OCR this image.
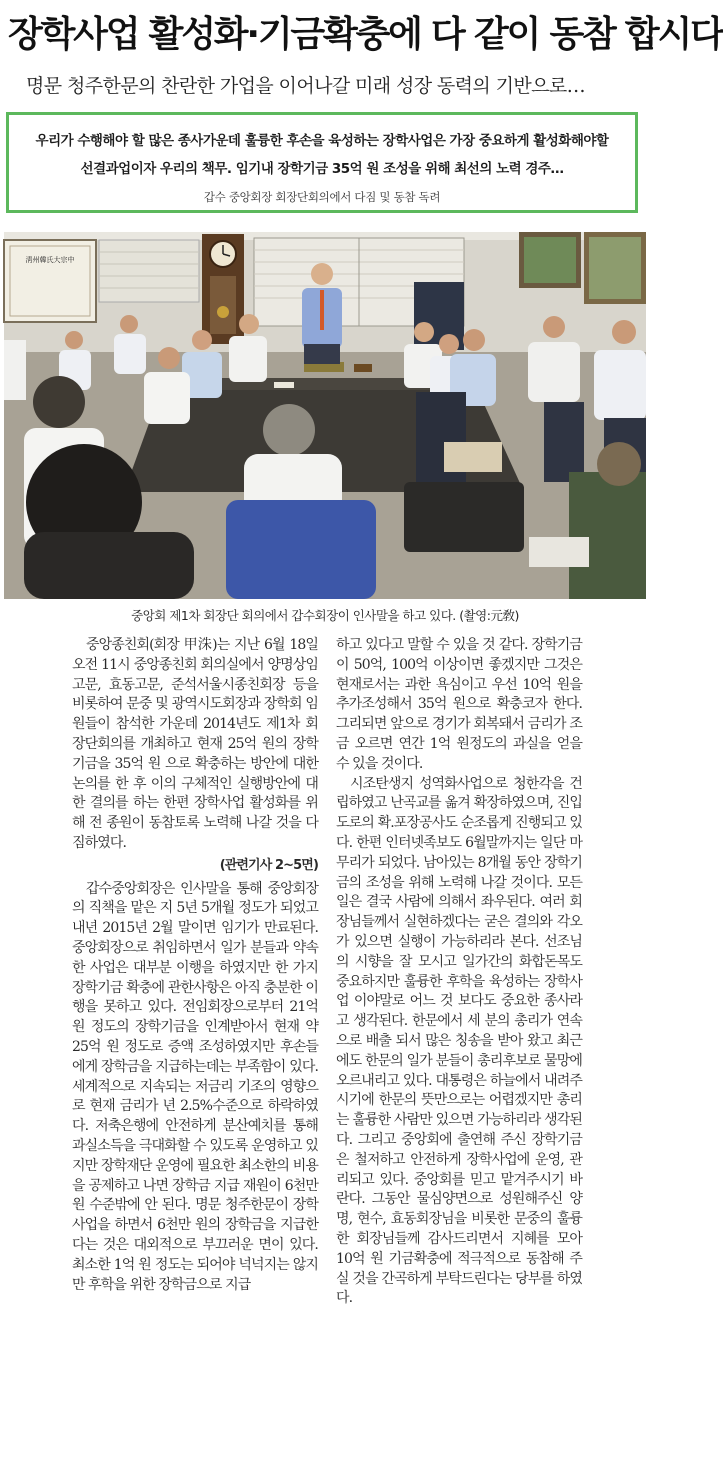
장학사업 활성화·기금확충에 다 같이 동참 합시다
명문 청주한문의 찬란한 가업을 이어나갈 미래 성장 동력의 기반으로…
우리가 수행해야 할 많은 종사가운데 훌륭한 후손을 육성하는 장학사업은 가장 중요하게 활성화해야할
선결과업이자 우리의 책무. 임기내 장학기금 35억 원 조성을 위해 최선의 노력 경주…
갑수 중앙회장 회장단회의에서 다짐 및 동참 독려
淸州韓氏大宗中
중앙회 제1차 회장단 회의에서 갑수회장이 인사말을 하고 있다. (촬영:元敎)

중앙종친회(회장 甲洙)는 지난 6월 18일 오전 11시 중앙종친회 회의실에서 양명상임고문, 효동고문, 준석서울시종친회장 등을 비롯하여 문중 및 광역시도회장과 장학회 임원들이 참석한 가운데 2014년도 제1차 회장단회의를 개최하고 현재 25억 원의 장학기금을 35억 원 으로 확충하는 방안에 대한 논의를 한 후 이의 구체적인 실행방안에 대한 결의를 하는 한편 장학사업 활성화를 위해 전 종원이 동참토록 노력해 나갈 것을 다짐하였다.

(관련기사 2~5면)

갑수중앙회장은 인사말을 통해 중앙회장의 직책을 맡은 지 5년 5개월 정도가 되었고 내년 2015년 2월 말이면 임기가 만료된다. 중앙회장으로 취임하면서 일가 분들과 약속한 사업은 대부분 이행을 하였지만 한 가지 장학기금 확충에 관한사항은 아직 충분한 이행을 못하고 있다. 전임회장으로부터 21억 원 정도의 장학기금을 인계받아서 현재 약 25억 원 정도로 증액 조성하였지만 후손들에게 장학금을 지급하는데는 부족함이 있다. 세계적으로 지속되는 저금리 기조의 영향으로 현재 금리가 년 2.5%수준으로 하락하였다. 저축은행에 안전하게 분산예치를 통해 과실소득을 극대화할 수 있도록 운영하고 있지만 장학재단 운영에 필요한 최소한의 비용을 공제하고 나면 장학금 지급 재원이 6천만 원 수준밖에 안 된다. 명문 청주한문이 장학사업을 하면서 6천만 원의 장학금을 지급한다는 것은 대외적으로 부끄러운 면이 있다. 최소한 1억 원 정도는 되어야 넉넉지는 않지만 후학을 위한 장학금으로 지급

하고 있다고 말할 수 있을 것 같다. 장학기금이 50억, 100억 이상이면 좋겠지만 그것은 현재로서는 과한 욕심이고 우선 10억 원을 추가조성해서 35억 원으로 확충코자 한다. 그리되면 앞으로 경기가 회복돼서 금리가 조금 오르면 연간 1억 원정도의 과실을 얻을 수 있을 것이다.

시조탄생지 성역화사업으로 청한각을 건립하였고 난곡교를 옮겨 확장하였으며, 진입도로의 확.포장공사도 순조롭게 진행되고 있다. 한편 인터넷족보도 6월말까지는 일단 마무리가 되었다. 남아있는 8개월 동안 장학기금의 조성을 위해 노력해 나갈 것이다. 모든 일은 결국 사람에 의해서 좌우된다. 여러 회장님들께서 실현하겠다는 굳은 결의와 각오가 있으면 실행이 가능하리라 본다. 선조님의 시향을 잘 모시고 일가간의 화합돈목도 중요하지만 훌륭한 후학을 육성하는 장학사업 이야말로 어느 것 보다도 중요한 종사라고 생각된다. 한문에서 세 분의 총리가 연속으로 배출 되서 많은 칭송을 받아 왔고 최근에도 한문의 일가 분들이 총리후보로 물망에 오르내리고 있다. 대통령은 하늘에서 내려주시기에 한문의 뜻만으로는 어렵겠지만 총리는 훌륭한 사람만 있으면 가능하리라 생각된다. 그리고 중앙회에 출연해 주신 장학기금은 철저하고 안전하게 장학사업에 운영, 관리되고 있다. 중앙회를 믿고 맡겨주시기 바란다. 그동안 물심양면으로 성원해주신 양명, 현수, 효동회장님을 비롯한 문중의 훌륭한 회장님들께 감사드리면서 지혜를 모아 10억 원 기금확충에 적극적으로 동참해 주실 것을 간곡하게 부탁드린다는 당부를 하였다.
